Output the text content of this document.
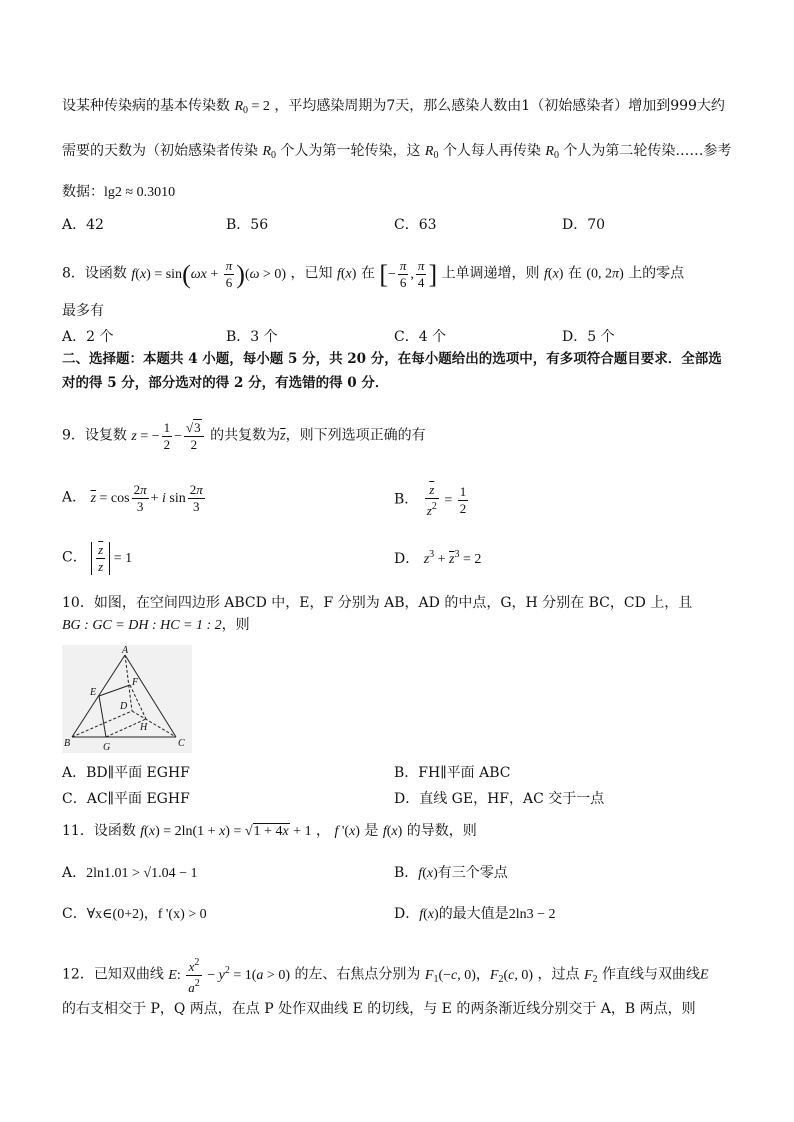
设某种传染病的基本传染数 $R_0 = 2$ ，平均感染周期为7天，那么感染人数由1（初始感染者）增加到999大约
需要的天数为（初始感染者传染 $R_0$ 个人为第一轮传染，这 $R_0$ 个人每人再传染 $R_0$ 个人为第二轮传染……参考
数据：lg2 ≈ 0.3010
A．42	B．56	C．63	D．70
8．设函数 $f(x) = \sin(\omega x + \frac{\pi}{6} )(\omega > 0)$ ，已知 f(x) 在 [− $\frac{\pi}{6}$ , $\frac{\pi}{4}$ ] 上单调递增，则 f(x) 在 (0, 2π) 上的零点
最多有
A．2 个	B．3 个	C．4 个	D．5 个
二、选择题：本题共 4 小题，每小题 5 分，共 20 分，在每小题给出的选项中，有多项符合题目要求．全部选
对的得 5 分，部分选对的得 2 分，有选错的得 0 分．
9．设复数 z = − $\frac{1}{2} - \frac{√3}{2}$ 的共复数为$\overline{z}$，则下列选项正确的有
A． $\overline{z} = \cos \frac{2\pi}{3} + i$ $\sin \frac{2\pi}{3}$	B． $\frac{\overline{z}}{z^2} = \frac{1}{2}$
C． $\frac{\overline{z}}{z} = 1$	D． $z^3 + \overline{z}^3 = 2$
10．如图，在空间四边形 ABCD 中，E，F 分别为 AB，AD 的中点，G，H 分别在 BC，CD 上，且
BG : GC = DH : HC = 1 : 2，则
A
E
F
D
H
B	G	C
A．BD∥平面 EGHF	B．FH∥平面 ABC
C．AC∥平面 EGHF	D．直线 GE，HF，AC 交于一点
11．设函数 f(x) = 2ln(1 + x) = √1 + 4x + 1 ， f '(x) 是 f(x) 的导数，则
A．2ln1.01 > √1.04 − 1	B．f(x)有三个零点
C．∀x∈(0+2)，f '(x) > 0	D．f(x)的最大值是2ln3 − 2
12．已知双曲线 E: $\frac{x^2}{a^2} - y^2 = 1(a > 0)$ 的左、右焦点分别为 $F_1(-c$, 0)，$F_2(c$, 0) ，过点 $F_2$ 作直线与双曲线E
的右支相交于 P，Q 两点，在点 P 处作双曲线 E 的切线，与 E 的两条渐近线分别交于 A，B 两点，则
